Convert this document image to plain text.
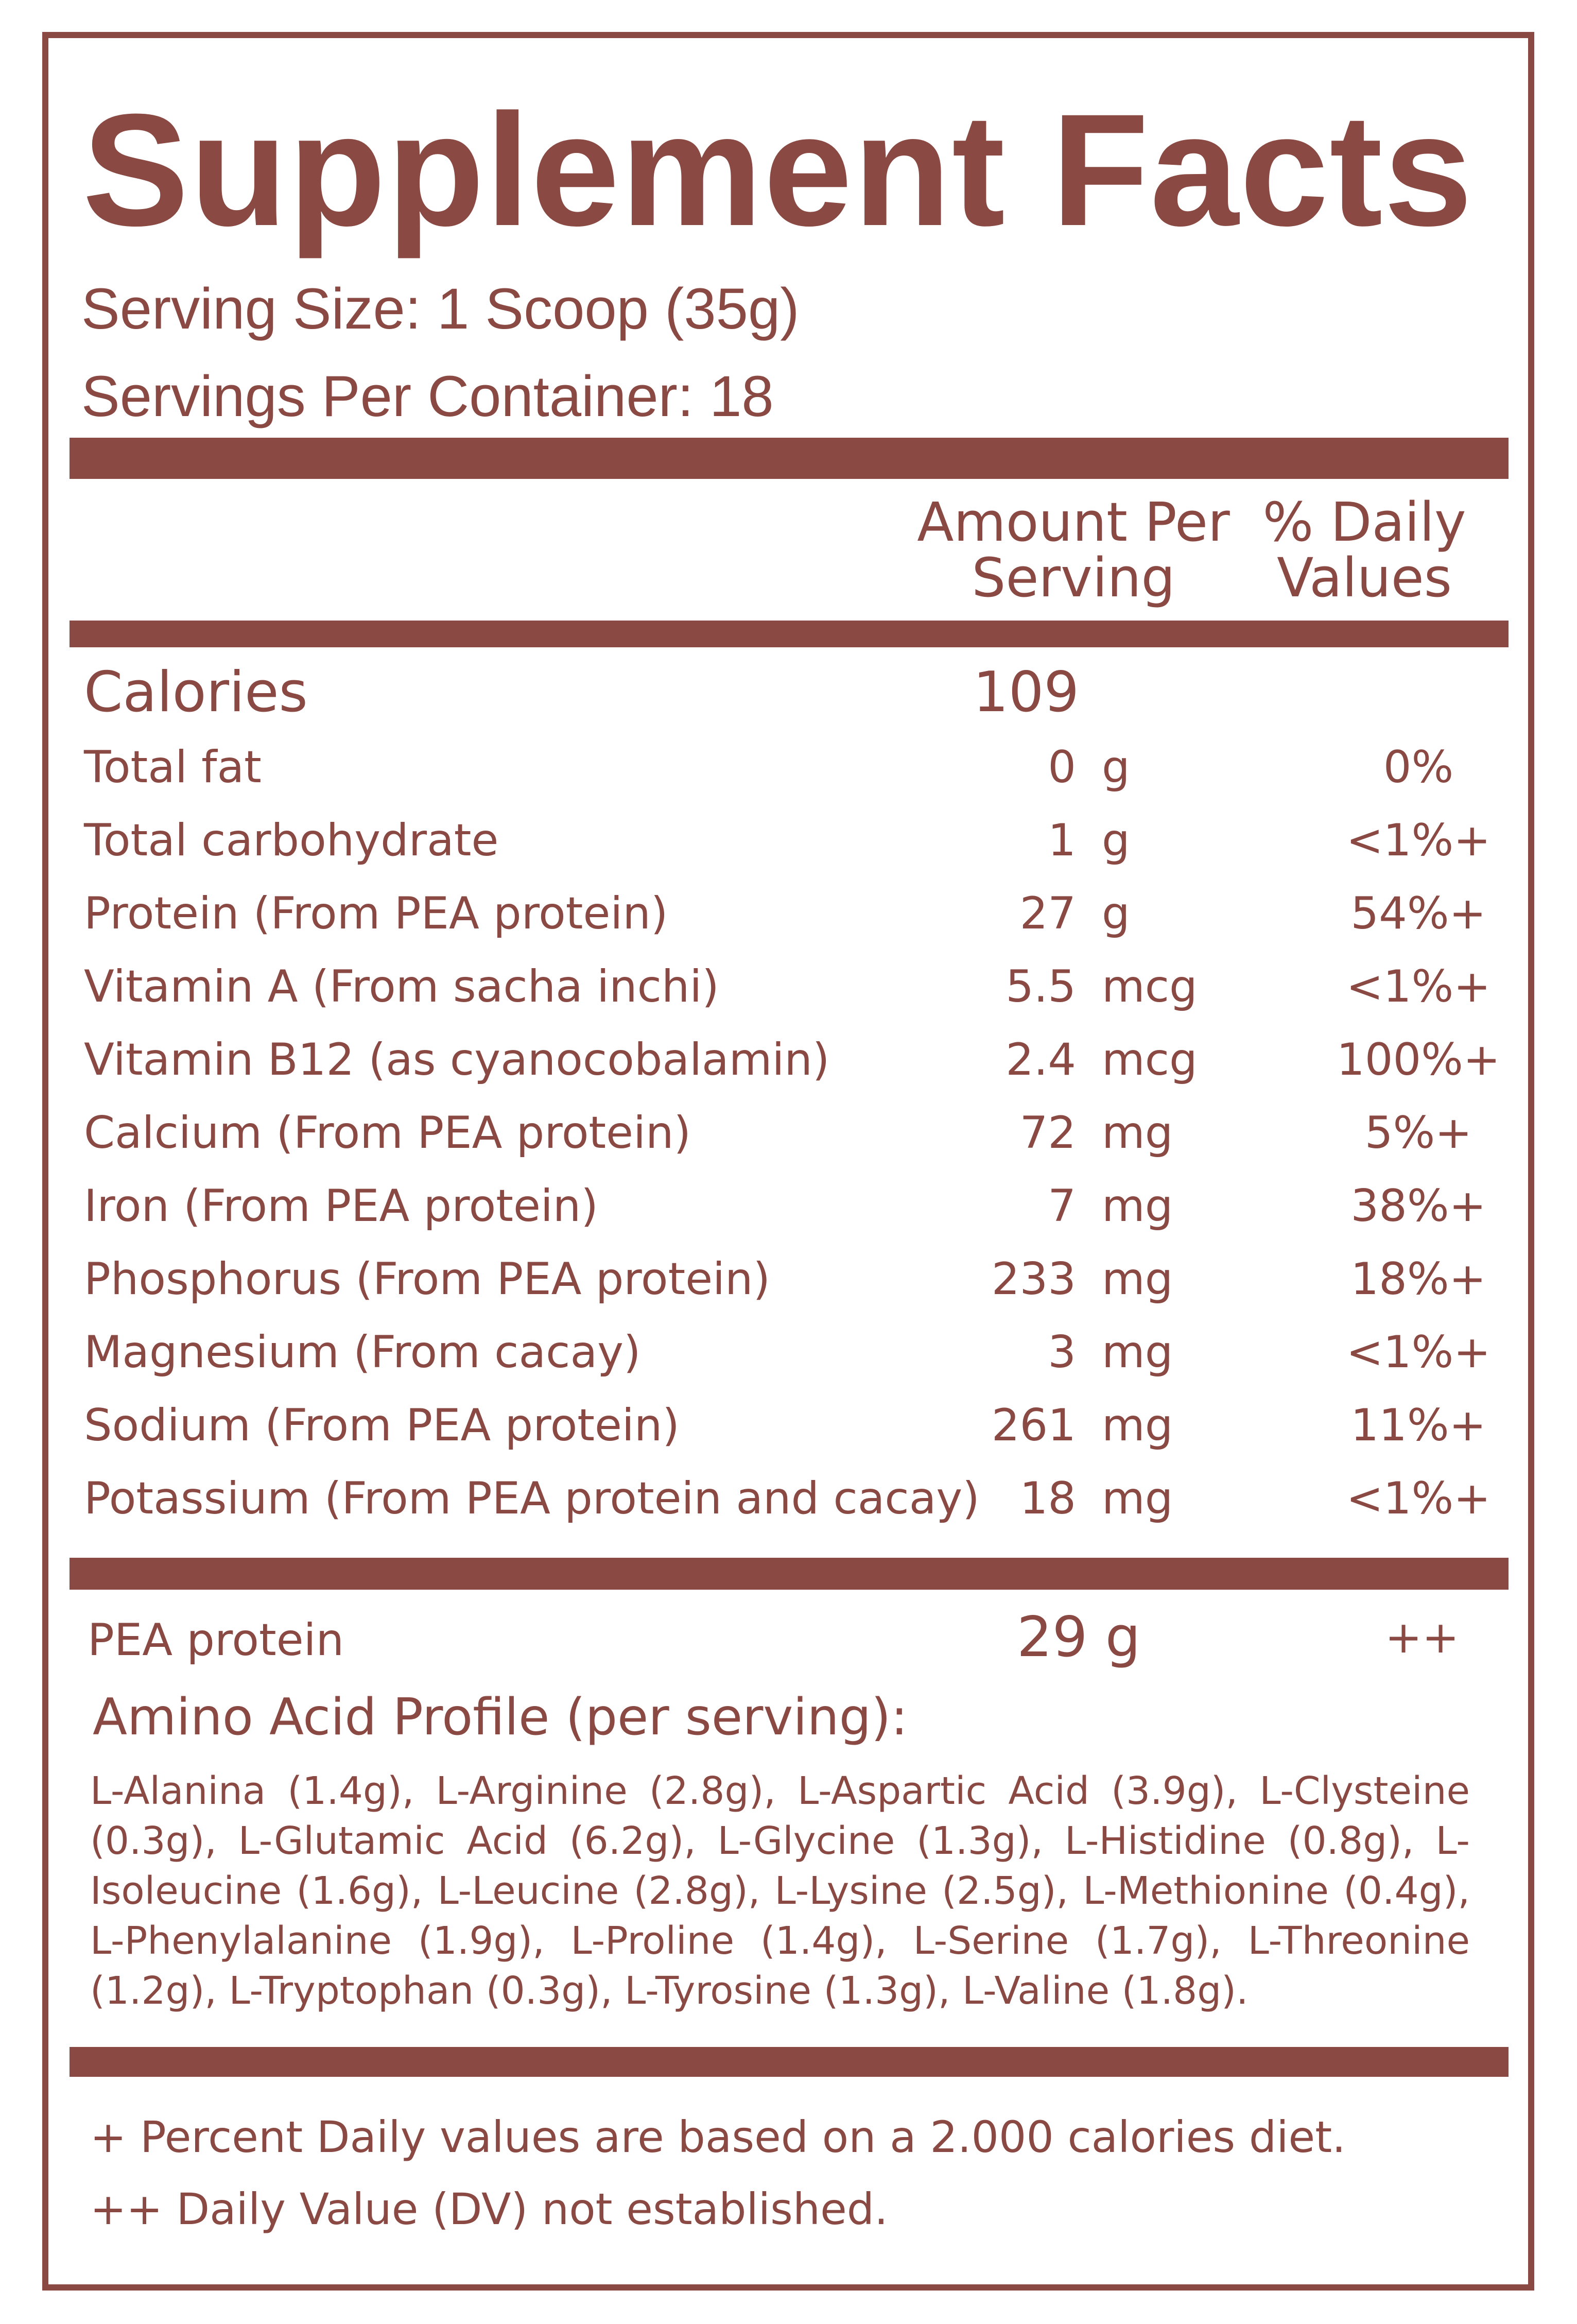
Supplement Facts
Serving Size: 1 Scoop (35g)
Servings Per Container: 18
Amount Per
Serving
% Daily
Values
Calories	109
Total fat	0 g	0%
Total carbohydrate	1 g	<1%+
Protein (From PEA protein)	27 g	54%+
Vitamin A (From sacha inchi)	5.5 mcg	<1%+
Vitamin B12 (as cyanocobalamin)	2.4 mcg	100%+
Calcium (From PEA protein)	72 mg	5%+
Iron (From PEA protein)	7 mg	38%+
Phosphorus (From PEA protein)	233 mg	18%+
Magnesium (From cacay)	3 mg	<1%+
Sodium (From PEA protein)	261 mg	11%+
Potassium (From PEA protein and cacay) 18 mg	<1%+
PEA protein	29 g	++
Amino Acid Profile (per serving):
L-Alanina (1.4g), L-Arginine (2.8g), L-Aspartic Acid (3.9g), L-Clysteine (0.3g), L-Glutamic Acid (6.2g), L-Glycine (1.3g), L-Histidine (0.8g), L-Isoleucine (1.6g), L-Leucine (2.8g), L-Lysine (2.5g), L-Methionine (0.4g), L-Phenylalanine (1.9g), L-Proline (1.4g), L-Serine (1.7g), L-Threonine (1.2g), L-Tryptophan (0.3g), L-Tyrosine (1.3g), L-Valine (1.8g).
+ Percent Daily values are based on a 2.000 calories diet.
++ Daily Value (DV) not established.
